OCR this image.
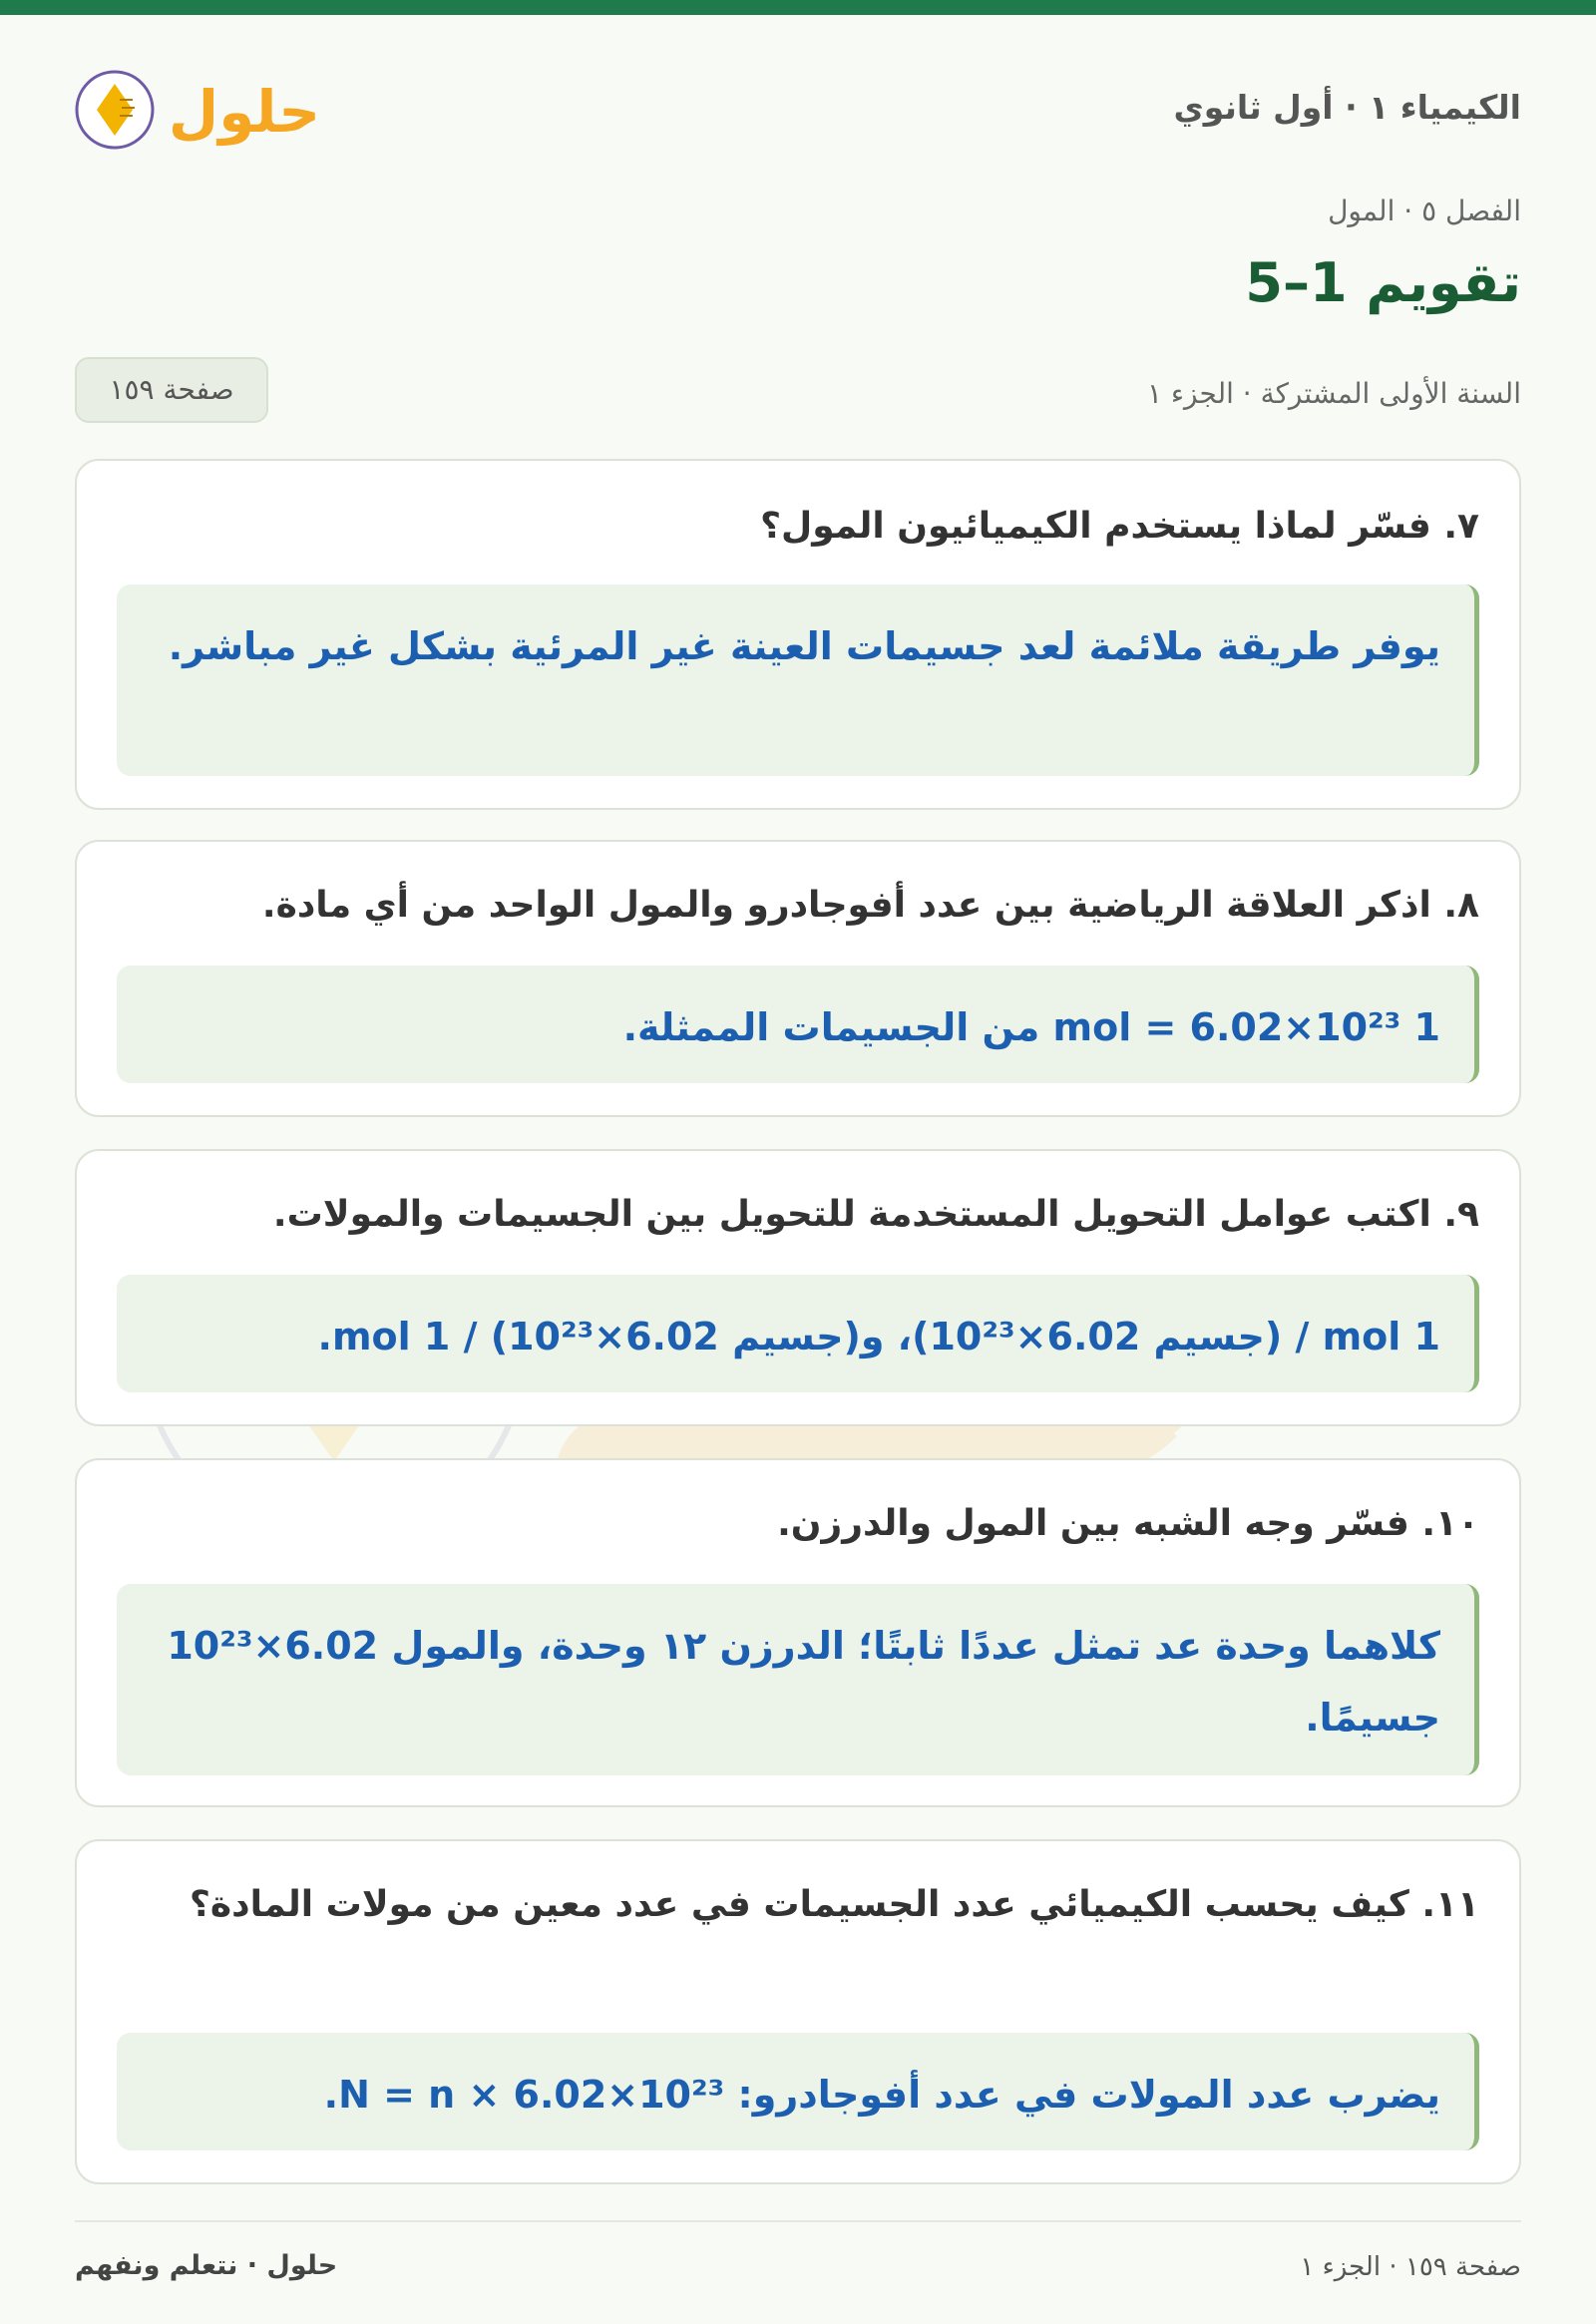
الكيمياء ١ · أول ثانوي
حلول
الفصل ٥ · المول
تقويم 1–5
السنة الأولى المشتركة · الجزء ١
صفحة ١٥٩
٧. فسّر لماذا يستخدم الكيميائيون المول؟
يوفر طريقة ملائمة لعد جسيمات العينة غير المرئية بشكل غير مباشر.
٨. اذكر العلاقة الرياضية بين عدد أفوجادرو والمول الواحد من أي مادة.
1 mol = 6.02×10²³ من الجسيمات الممثلة.
٩. اكتب عوامل التحويل المستخدمة للتحويل بين الجسيمات والمولات.
1 mol / (جسيم 6.02×10²³)، و(جسيم 6.02×10²³) / 1 mol.
١٠. فسّر وجه الشبه بين المول والدرزن.
كلاهما وحدة عد تمثل عددًا ثابتًا؛ الدرزن ١٢ وحدة، والمول 6.02×10²³ جسيمًا.
١١. كيف يحسب الكيميائي عدد الجسيمات في عدد معين من مولات المادة؟
يضرب عدد المولات في عدد أفوجادرو: N = n × 6.02×10²³.
صفحة ١٥٩ · الجزء ١
حلول · نتعلم ونفهم
